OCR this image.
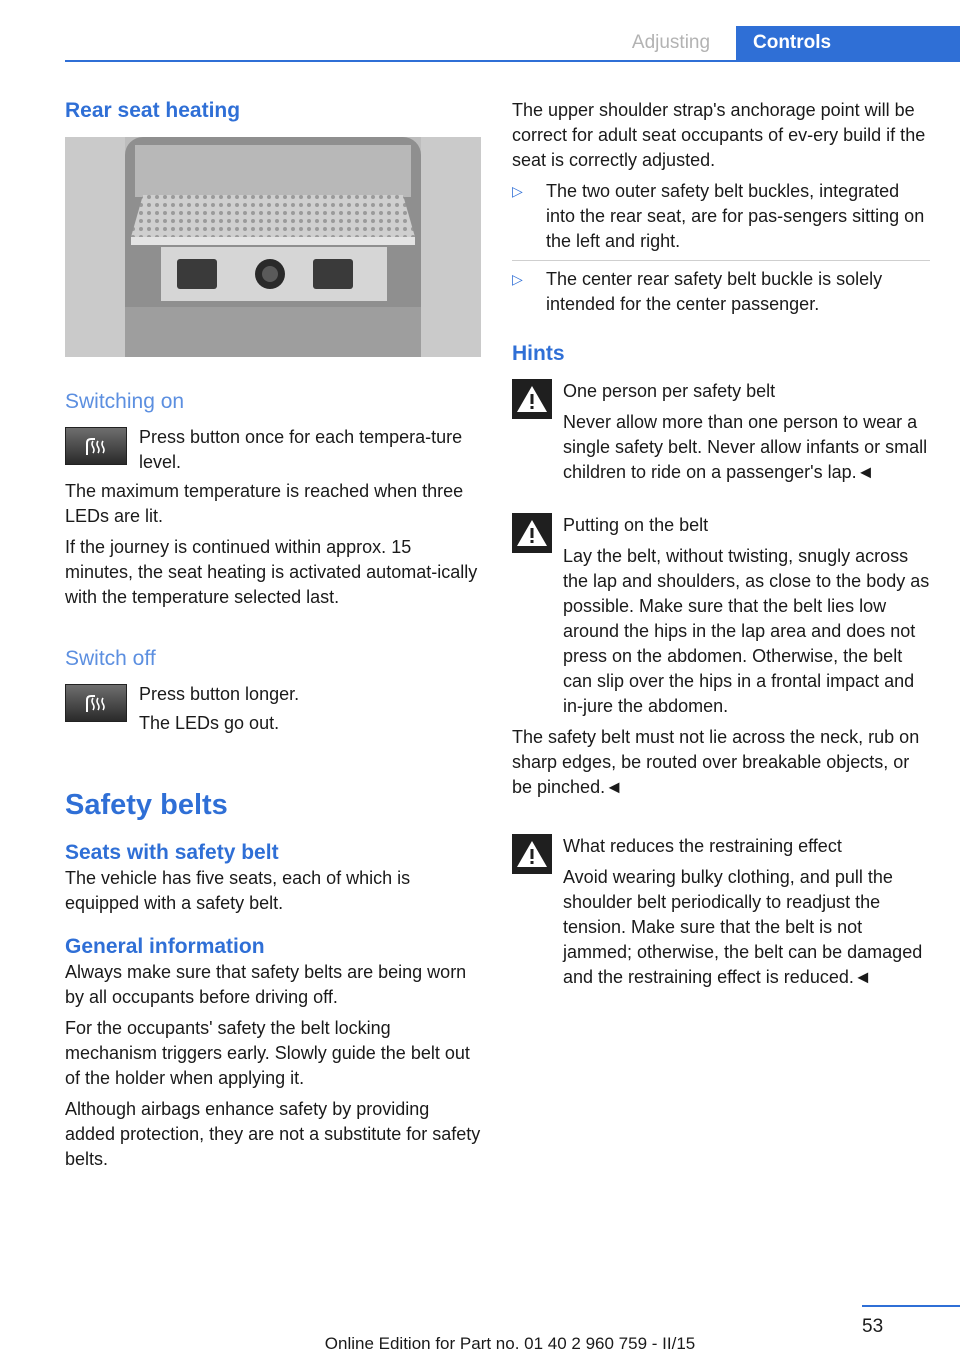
Adjusting	Controls
Rear seat heating
Switching on

Press button once for each tempera‐ture level.

The maximum temperature is reached when three LEDs are lit.

If the journey is continued within approx. 15 minutes, the seat heating is activated automat‐ically with the temperature selected last.

Switch off

Press button longer.

The LEDs go out.

Safety belts
Seats with safety belt

The vehicle has five seats, each of which is equipped with a safety belt.

General information

Always make sure that safety belts are being worn by all occupants before driving off.

For the occupants' safety the belt locking mechanism triggers early. Slowly guide the belt out of the holder when applying it.

Although airbags enhance safety by providing added protection, they are not a substitute for safety belts.

The upper shoulder strap's anchorage point will be correct for adult seat occupants of ev‐ery build if the seat is correctly adjusted.

▷ The two outer safety belt buckles, integrated into the rear seat, are for pas‐sengers sitting on the left and right.
▷ The center rear safety belt buckle is solely intended for the center passenger.
Hints

One person per safety belt

Never allow more than one person to wear a single safety belt. Never allow infants or small children to ride on a passenger's lap.◄

Putting on the belt

Lay the belt, without twisting, snugly across the lap and shoulders, as close to the body as possible. Make sure that the belt lies low around the hips in the lap area and does not press on the abdomen. Otherwise, the belt can slip over the hips in a frontal impact and in‐jure the abdomen.

The safety belt must not lie across the neck, rub on sharp edges, be routed over breakable objects, or be pinched.◄

What reduces the restraining effect

Avoid wearing bulky clothing, and pull the shoulder belt periodically to readjust the tension. Make sure that the belt is not jammed; otherwise, the belt can be damaged and the restraining effect is reduced.◄

53
Online Edition for Part no. 01 40 2 960 759 - II/15
